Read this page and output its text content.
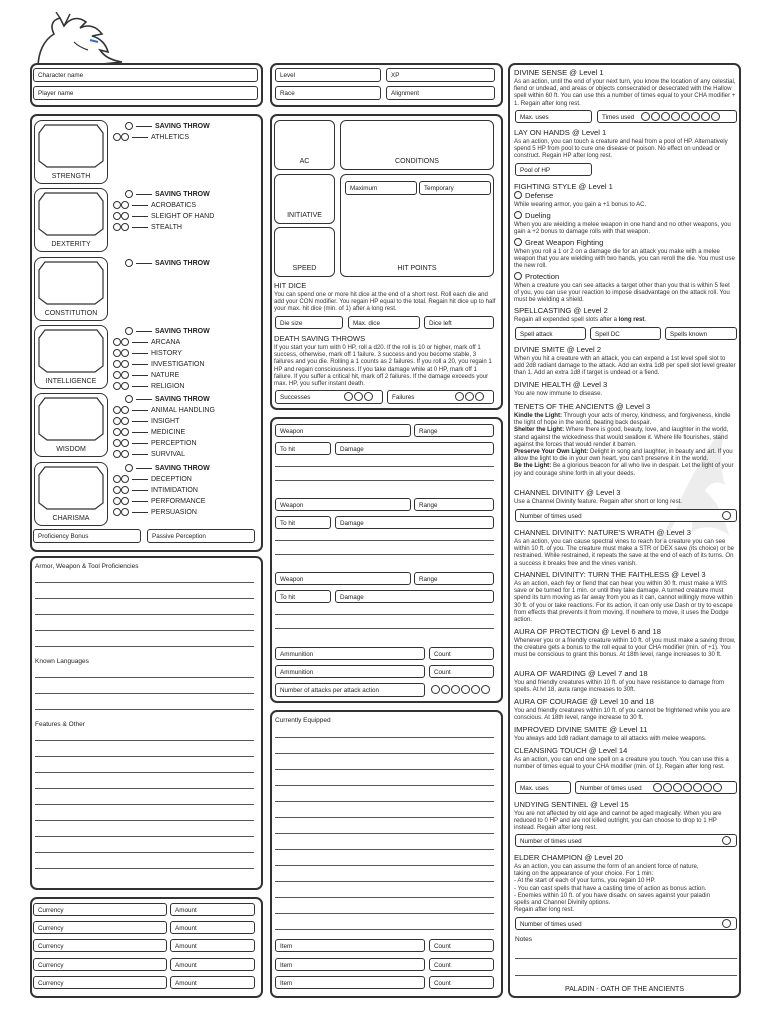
Character name
Player name
Level	XP
Race	Alignment
STRENGTH
SAVING THROW
ATHLETICS
DEXTERITY
SAVING THROW
ACROBATICS
SLEIGHT OF HAND
STEALTH
CONSTITUTION
SAVING THROW
INTELLIGENCE
SAVING THROW
ARCANA
HISTORY
INVESTIGATION
NATURE
RELIGION
WISDOM
SAVING THROW
ANIMAL HANDLING
INSIGHT
MEDICINE
PERCEPTION
SURVIVAL
CHARISMA
SAVING THROW
DECEPTION
INTIMIDATION
PERFORMANCE
PERSUASION
Proficiency Bonus	Passive Perception
AC	CONDITIONS
INITIATIVE
SPEED
Maximum	Temporary
HIT POINTS
HIT DICE
You can spend one or more hit dice at the end of a short rest. Roll each die and add your CON modifier. You regain HP equal to the total. Regain hit dice up to half your max. hit dice (min. of 1) after a long rest.
Die size	Max. dice	Dice left
DEATH SAVING THROWS
If you start your turn with 0 HP, roll a d20. If the roll is 10 or higher, mark off 1 success, otherwise, mark off 1 failure. 3 success and you become stable, 3 failures and you die. Rolling a 1 counts as 2 failures. If you roll a 20, you regain 1 HP and regain consciousness. If you take damage while at 0 HP, mark off 1 failure. If you suffer a critical hit, mark off 2 failures. If the damage exceeds your max. HP, you suffer instant death.
Successes	Failures
Weapon	Range
To hit	Damage
Weapon	Range
To hit	Damage
Weapon	Range
To hit	Damage
Ammunition	Count
Ammunition	Count
Number of attacks per attack action
Currently Equipped
Item	Count
Item	Count
Item	Count
Armor, Weapon & Tool Proficiencies
Known Languages
Features & Other
Currency	Amount
Currency	Amount
Currency	Amount
Currency	Amount
Currency	Amount
DIVINE SENSE @ Level 1
As an action, until the end of your next turn, you know the location of any celestial, fiend or undead, and areas or objects consecrated or desecrated with the Hallow spell within 60 ft. You can use this a number of times equal to your CHA modifier + 1. Regain after long rest.
Max. uses	Times used
LAY ON HANDS @ Level 1
As an action, you can touch a creature and heal from a pool of HP. Alternatively spend 5 HP from pool to cure one disease or poison. No effect on undead or construct. Regain HP after long rest.
Pool of HP
FIGHTING STYLE @ Level 1
Defense
While wearing armor, you gain a +1 bonus to AC.
Dueling
When you are wielding a melee weapon in one hand and no other weapons, you gain a +2 bonus to damage rolls with that weapon.
Great Weapon Fighting
When you roll a 1 or 2 on a damage die for an attack you make with a melee weapon that you are wielding with two hands, you can reroll the die. You must use the new roll.
Protection
When a creature you can see attacks a target other than you that is within 5 feet of you, you can use your reaction to impose disadvantage on the attack roll. You must be wielding a shield.
SPELLCASTING @ Level 2
Regain all expended spell slots after a long rest.
Spell attack	Spell DC	Spells known
DIVINE SMITE @ Level 2
When you hit a creature with an attack, you can expend a 1st level spell slot to add 2d8 radiant damage to the attack. Add an extra 1d8 per spell slot level greater than 1. Add an extra 1d8 if target is undead or a fiend.
DIVINE HEALTH @ Level 3
You are now immune to disease.
TENETS OF THE ANCIENTS @ Level 3
Kindle the Light: Through your acts of mercy, kindness, and forgiveness, kindle the light of hope in the world, beating back despair.
Shelter the Light: Where there is good, beauty, love, and laughter in the world, stand against the wickedness that would swallow it. Where life flourishes, stand against the forces that would render it barren.
Preserve Your Own Light: Delight in song and laughter, in beauty and art. If you allow the light to die in your own heart, you can't preserve it in the world.
Be the Light: Be a glorious beacon for all who live in despair. Let the light of your joy and courage shine forth in all your deeds.
CHANNEL DIVINITY @ Level 3
Use a Channel Divinity feature. Regain after short or long rest.
Number of times used
CHANNEL DIVINITY: NATURE'S WRATH @ Level 3
As an action, you can cause spectral vines to reach for a creature you can see within 10 ft. of you. The creature must make a STR or DEX save (its choice) or be restrained. While restrained, it repeats the save at the end of each of its turns. On a success it breaks free and the vines vanish.
CHANNEL DIVINITY: TURN THE FAITHLESS @ Level 3
As an action, each fey or fiend that can hear you within 30 ft. must make a WIS save or be turned for 1 min. or until they take damage. A turned creature must spend its turn moving as far away from you as it can, cannot willingly move within 30 ft. of you or take reactions. For its action, it can only use Dash or try to escape from effects that prevents it from moving. If nowhere to move, it uses the Dodge action.
AURA OF PROTECTION @ Level 6 and 18
Whenever you or a friendly creature within 10 ft. of you must make a saving throw, the creature gets a bonus to the roll equal to your CHA modifier (min. of +1). You must be conscious to grant this bonus. At 18th level, range increases to 30 ft.
AURA OF WARDING @ Level 7 and 18
You and friendly creatures within 10 ft. of you have resistance to damage from spells. At lvl 18, aura range increases to 30ft.
AURA OF COURAGE @ Level 10 and 18
You and friendly creatures within 10 ft. of you cannot be frightened while you are conscious. At 18th level, range increase to 30 ft.
IMPROVED DIVINE SMITE @ Level 11
You always add 1d8 radiant damage to all attacks with melee weapons.
CLEANSING TOUCH @ Level 14
As an action, you can end one spell on a creature you touch. You can use this a number of times equal to your CHA modifier (min. of 1). Regain after long rest.
Max. uses	Number of times used
UNDYING SENTINEL @ Level 15
You are not affected by old age and cannot be aged magically. When you are reduced to 0 HP and are not killed outright, you can choose to drop to 1 HP instead. Regain after long rest.
Number of times used
ELDER CHAMPION @ Level 20
As an action, you can assume the form of an ancient force of nature,
taking on the appearance of your choice. For 1 min:
- At the start of each of your turns, you regain 10 HP.
- You can cast spells that have a casting time of action as bonus action.
- Enemies within 10 ft. of you have disadv. on saves against your paladin
spells and Channel Divinity options.
Regain after long rest.
Number of times used
Notes
PALADIN - OATH OF THE ANCIENTS
